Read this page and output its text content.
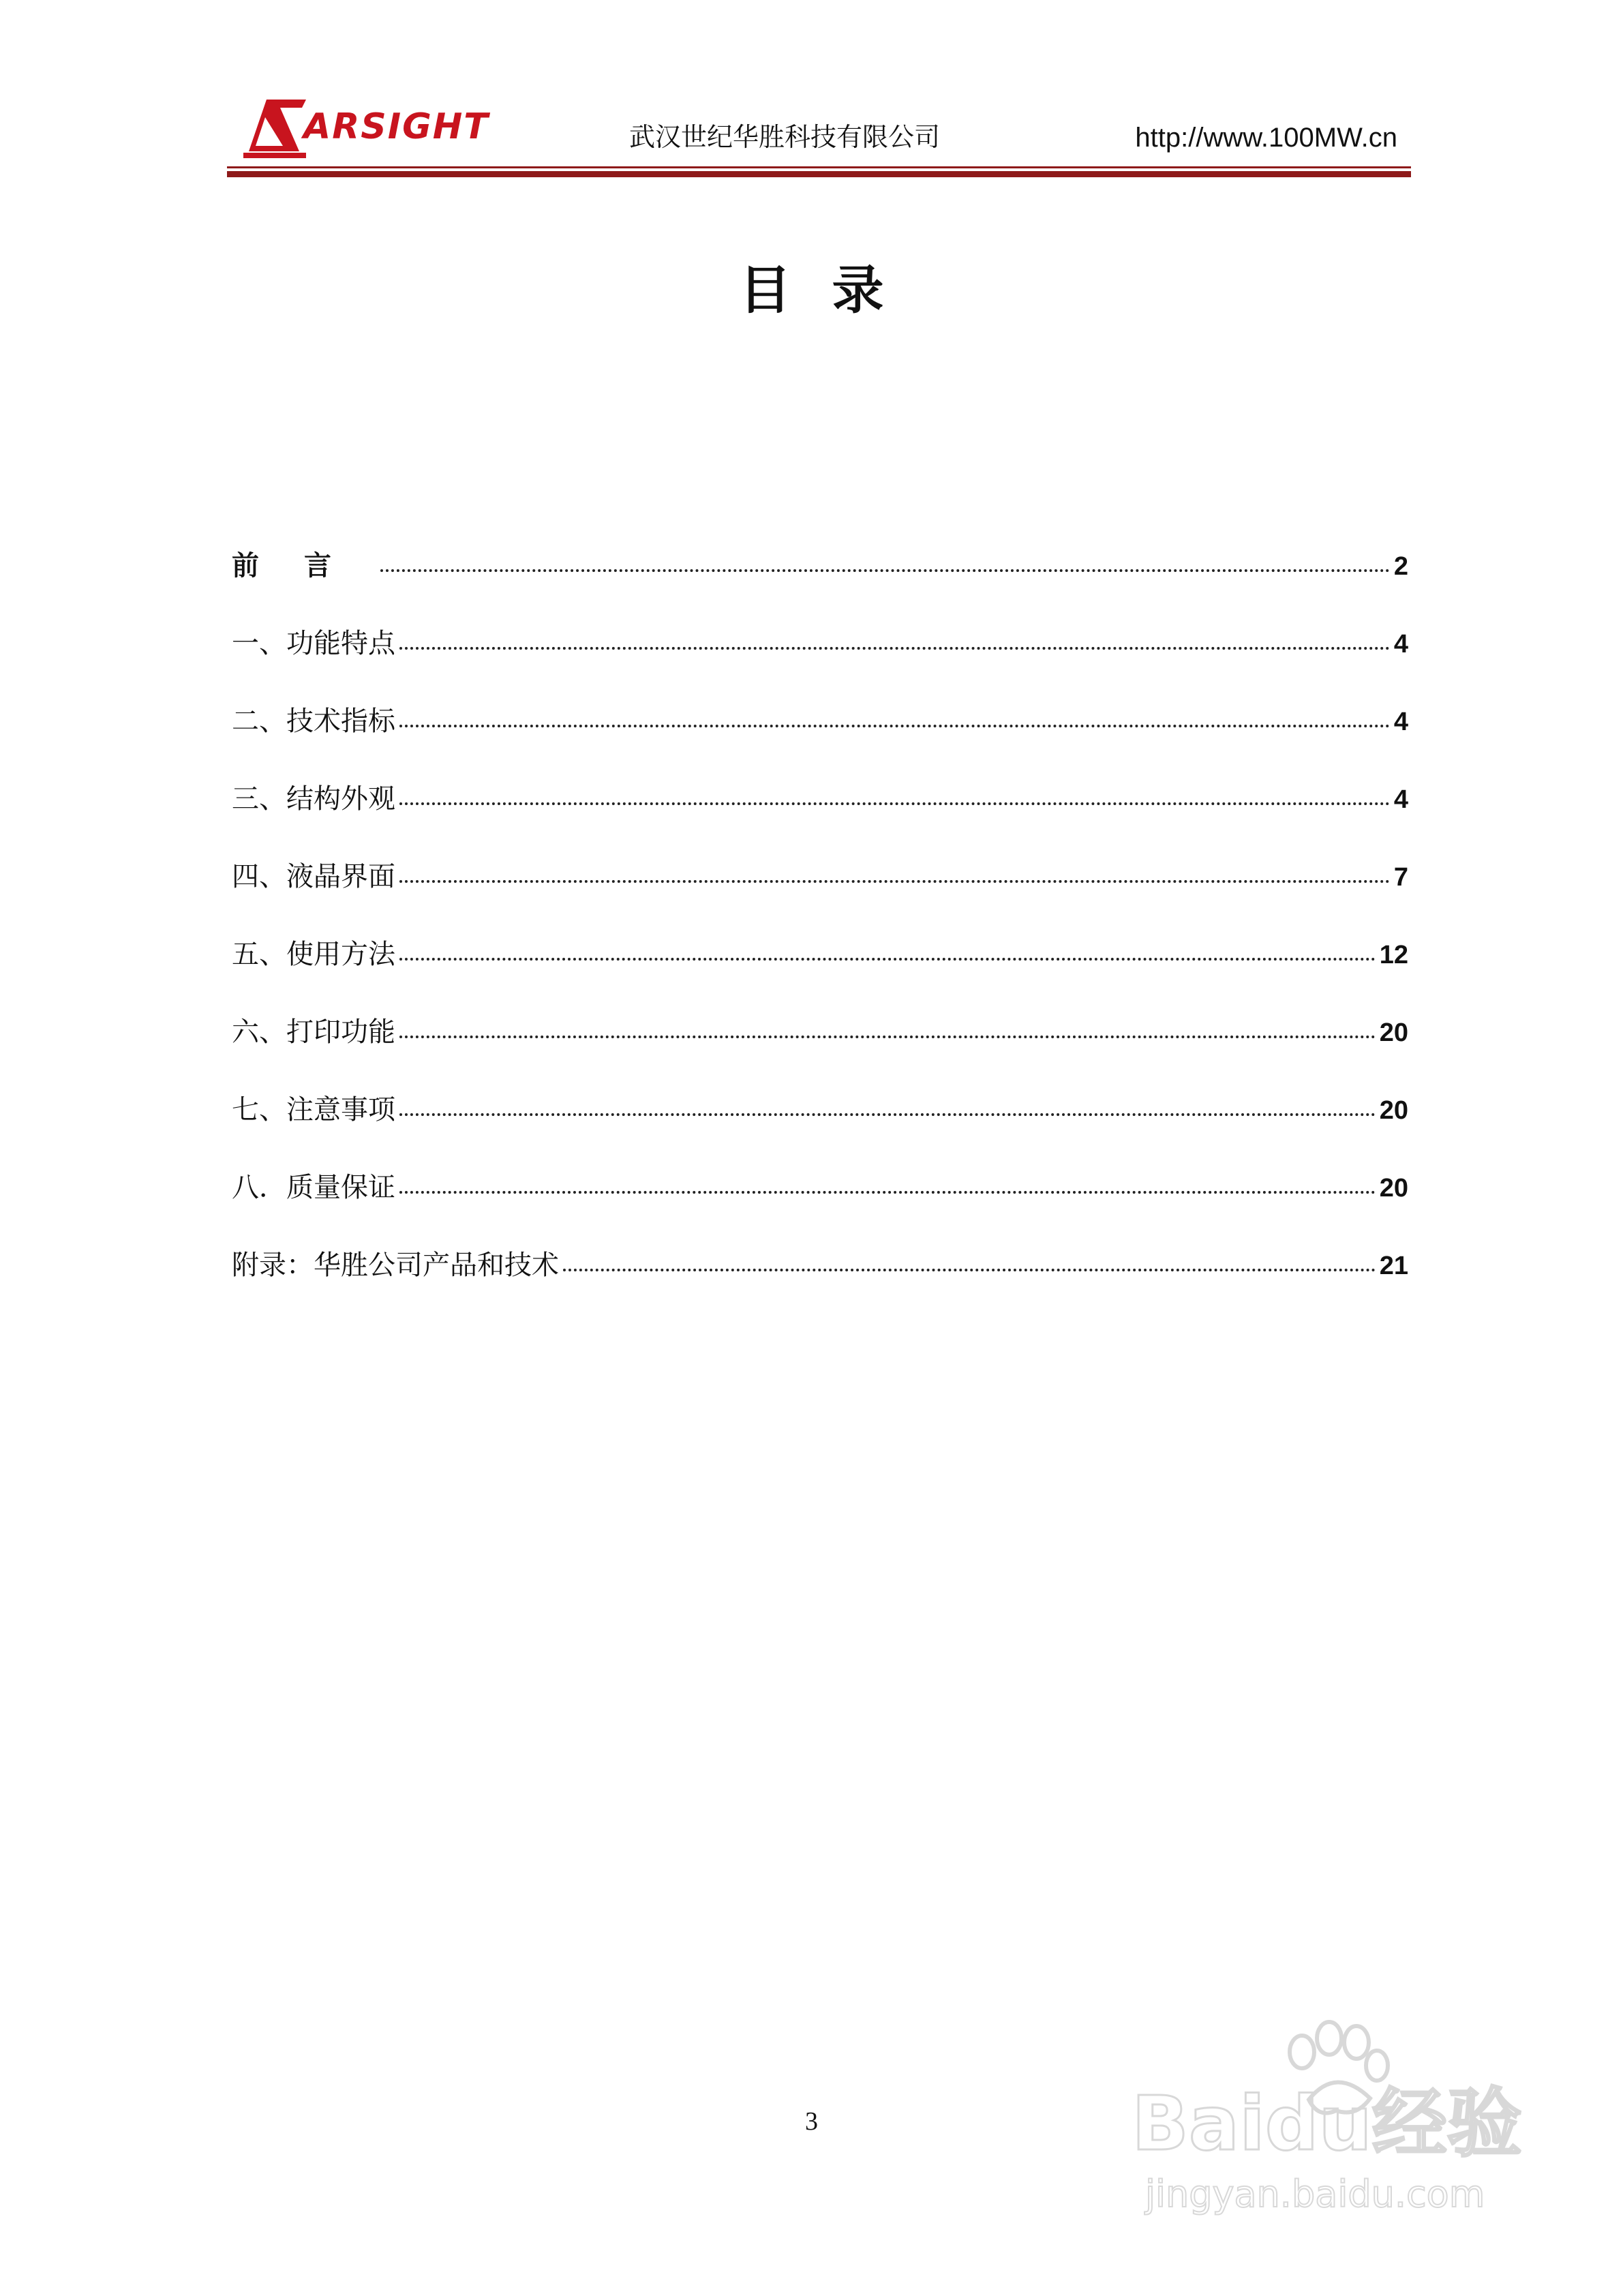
ARSIGHT	武汉世纪华胜科技有限公司	http://www.100MW.cn
目录
前言	2
一、功能特点	4
二、技术指标	4
三、结构外观	4
四、液晶界面	7
五、使用方法	12
六、打印功能	20
七、注意事项	20
八．质量保证	20
附录：华胜公司产品和技术	21
3	Baidu经验
jingyan.baidu.com
